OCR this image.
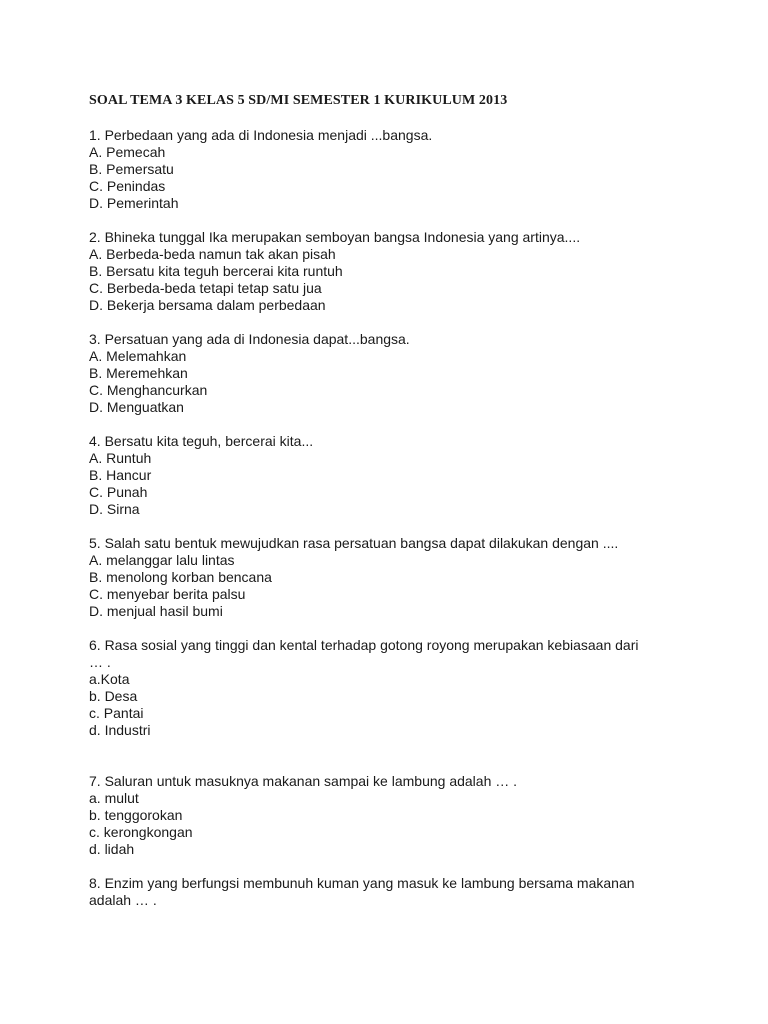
SOAL TEMA 3 KELAS 5 SD/MI SEMESTER 1 KURIKULUM 2013
1. Perbedaan yang ada di Indonesia menjadi ...bangsa.
A. Pemecah
B. Pemersatu
C. Penindas
D. Pemerintah
2. Bhineka tunggal Ika merupakan semboyan bangsa Indonesia yang artinya....
A. Berbeda-beda namun tak akan pisah
B. Bersatu kita teguh bercerai kita runtuh
C. Berbeda-beda tetapi tetap satu jua
D. Bekerja bersama dalam perbedaan
3. Persatuan yang ada di Indonesia dapat...bangsa.
A. Melemahkan
B. Meremehkan
C. Menghancurkan
D. Menguatkan
4. Bersatu kita teguh, bercerai kita...
A. Runtuh
B. Hancur
C. Punah
D. Sirna
5. Salah satu bentuk mewujudkan rasa persatuan bangsa dapat dilakukan dengan ....
A. melanggar lalu lintas
B. menolong korban bencana
C. menyebar berita palsu
D. menjual hasil bumi
6. Rasa sosial yang tinggi dan kental terhadap gotong royong merupakan kebiasaan dari
… .
a.Kota
b. Desa
c. Pantai
d. Industri
7. Saluran untuk masuknya makanan sampai ke lambung adalah … .
a. mulut
b. tenggorokan
c. kerongkongan
d. lidah
8. Enzim yang berfungsi membunuh kuman yang masuk ke lambung bersama makanan
adalah … .
